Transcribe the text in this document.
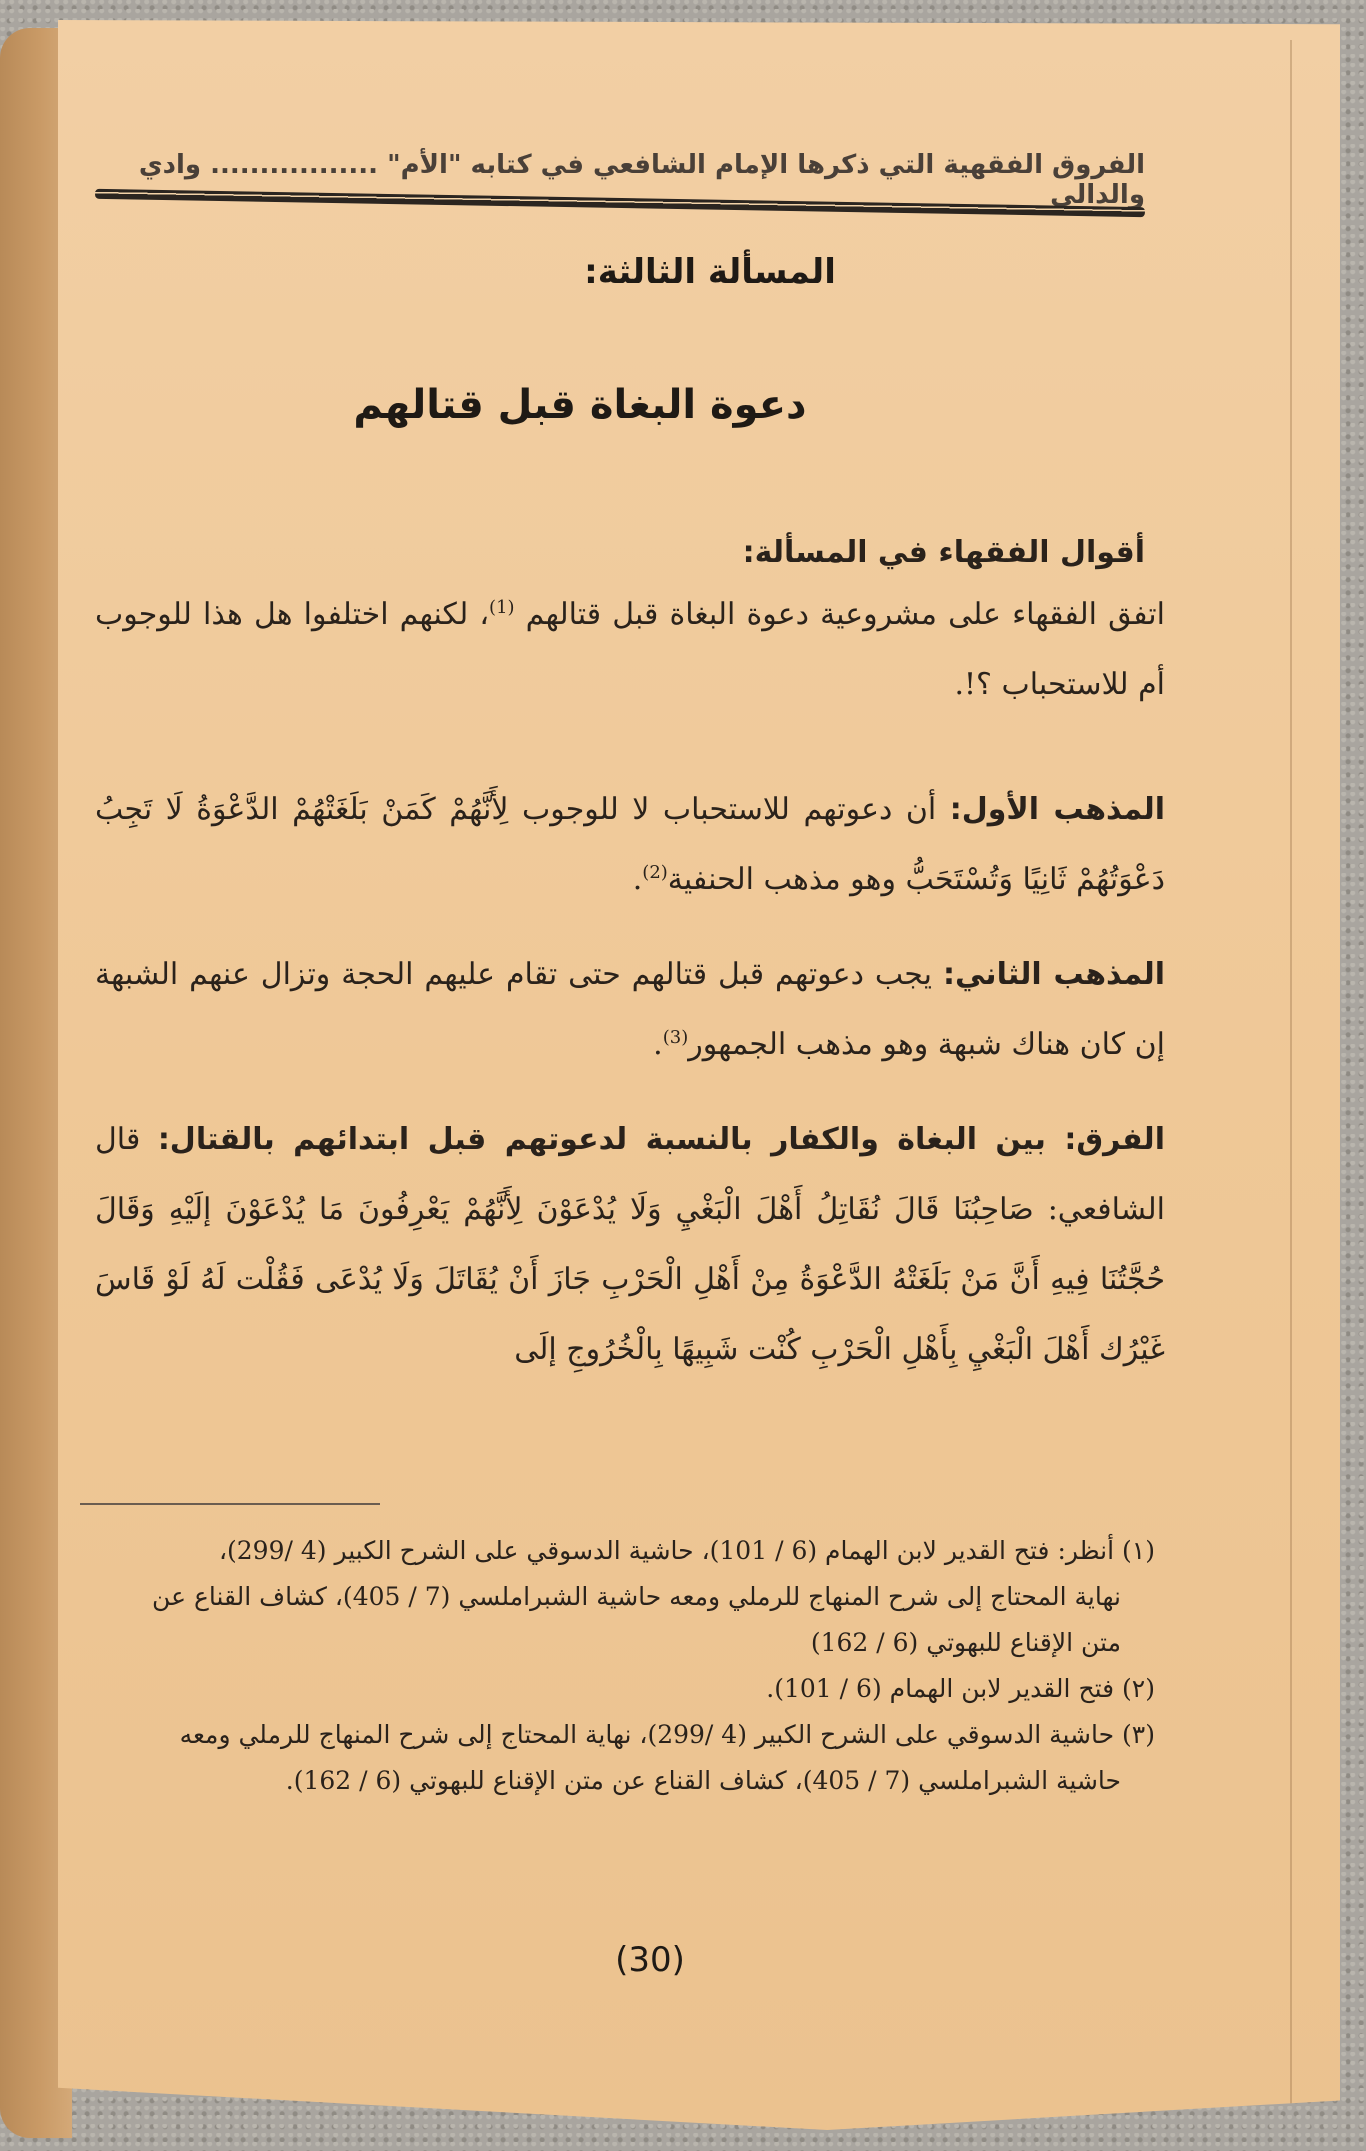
الفروق الفقهية التي ذكرها الإمام الشافعي في كتابه "الأم" ................. وادي والدالي
المسألة الثالثة:
دعوة البغاة قبل قتالهم
أقوال الفقهاء في المسألة:

اتفق الفقهاء على مشروعية دعوة البغاة قبل قتالهم $^{(1)}$، لكنهم اختلفوا هل هذا للوجوب أم للاستحباب ؟!.

المذهب الأول: أن دعوتهم للاستحباب لا للوجوب لِأَنَّهُمْ كَمَنْ بَلَغَتْهُمْ الدَّعْوَةُ لَا تَجِبُ دَعْوَتُهُمْ ثَانِيًا وَتُسْتَحَبُّ وهو مذهب الحنفية$^{(2)}$.

المذهب الثاني: يجب دعوتهم قبل قتالهم حتى تقام عليهم الحجة وتزال عنهم الشبهة إن كان هناك شبهة وهو مذهب الجمهور$^{(3)}$.

الفرق: بين البغاة والكفار بالنسبة لدعوتهم قبل ابتدائهم بالقتال: قال الشافعي: صَاحِبُنَا قَالَ نُقَاتِلُ أَهْلَ الْبَغْيِ وَلَا يُدْعَوْنَ لِأَنَّهُمْ يَعْرِفُونَ مَا يُدْعَوْنَ إلَيْهِ وَقَالَ حُجَّتُنَا فِيهِ أَنَّ مَنْ بَلَغَتْهُ الدَّعْوَةُ مِنْ أَهْلِ الْحَرْبِ جَازَ أَنْ يُقَاتَلَ وَلَا يُدْعَى فَقُلْت لَهُ لَوْ قَاسَ غَيْرُك أَهْلَ الْبَغْيِ بِأَهْلِ الْحَرْبِ كُنْت شَبِيهًا بِالْخُرُوجِ إلَى

(١) أنظر: فتح القدير لابن الهمام (6 / 101)، حاشية الدسوقي على الشرح الكبير (4 /299)،
نهاية المحتاج إلى شرح المنهاج للرملي ومعه حاشية الشبراملسي (7 / 405)، كشاف القناع عن
متن الإقناع للبهوتي (6 / 162)

(٢) فتح القدير لابن الهمام (6 / 101).

(٣) حاشية الدسوقي على الشرح الكبير (4 /299)، نهاية المحتاج إلى شرح المنهاج للرملي ومعه
حاشية الشبراملسي (7 / 405)، كشاف القناع عن متن الإقناع للبهوتي (6 / 162).

(30)
